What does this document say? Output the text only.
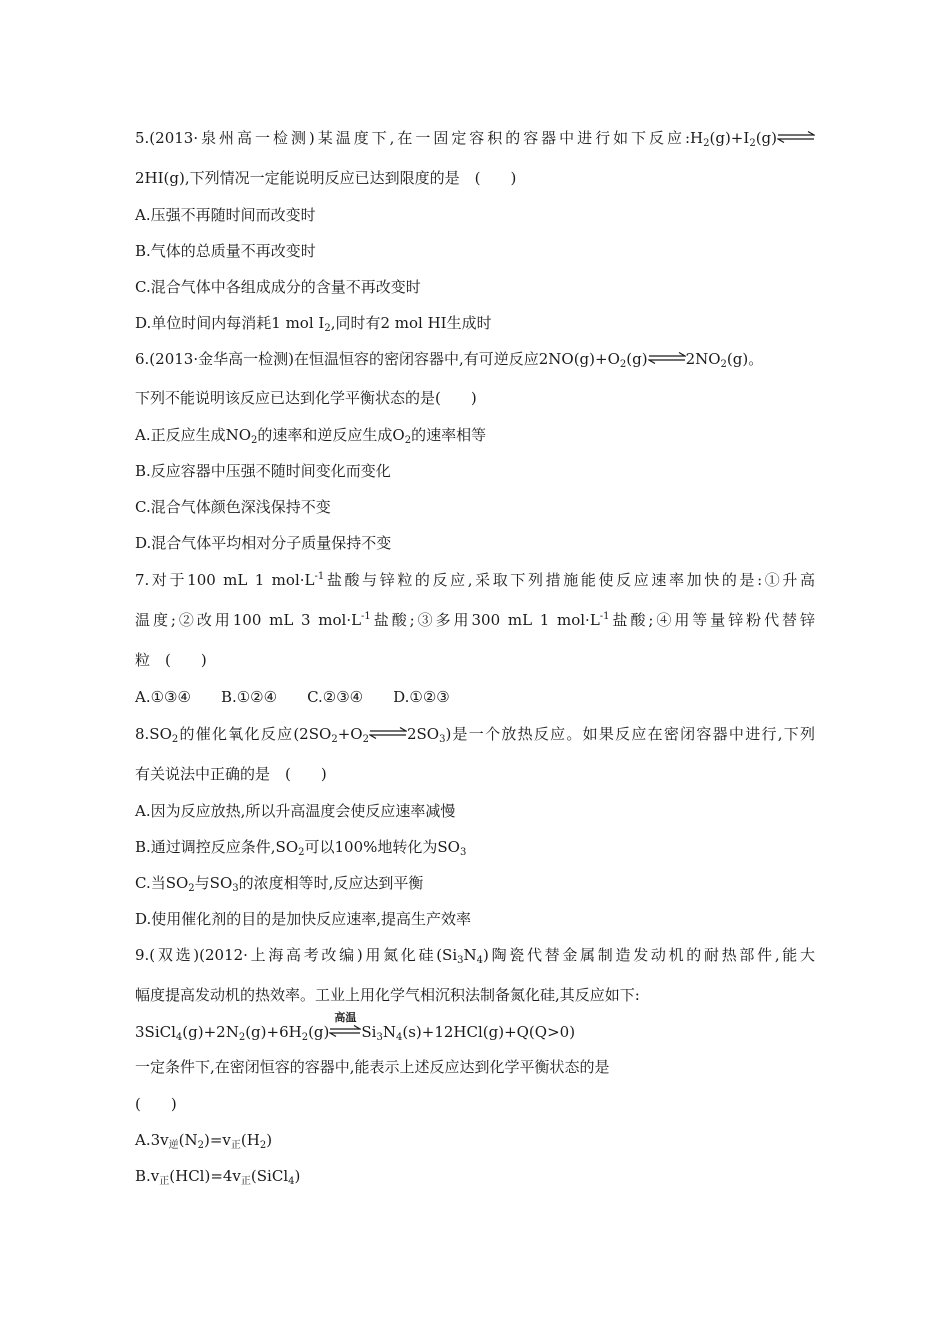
5.(2013·泉州高一检测)某温度下,在一固定容积的容器中进行如下反应$:H_2(g)+I_2(g)\rightleftharpoons$
2HI(g),下列情况一定能说明反应已达到限度的是　(　　)
A.压强不再随时间而改变时
B.气体的总质量不再改变时
C.混合气体中各组成成分的含量不再改变时
D.单位时间内每消耗1 mol $I_2$,同时有2 mol HI生成时
6.(2013·金华高一检测)在恒温恒容的密闭容器中,有可逆反应$2NO(g)+O_2(g)\rightleftharpoons 2NO_2(g)$。
下列不能说明该反应已达到化学平衡状态的是(　　)
A.正反应生成$NO_2$的速率和逆反应生成$O_2$的速率相等
B.反应容器中压强不随时间变化而变化
C.混合气体颜色深浅保持不变
D.混合气体平均相对分子质量保持不变
7.对于100 mL 1 $mol\cdot L^{-1}$盐酸与锌粒的反应,采取下列措施能使反应速率加快的是:①升高
温度;②改用100 mL 3 $mol\cdot L^{-1}$盐酸;③多用300 mL 1 $mol\cdot L^{-1}$盐酸;④用等量锌粉代替锌
粒　(　　)
A.①③④　　B.①②④　　C.②③④　　D.①②③
$8.SO_2$的催化氧化反应($2SO_2+O_2$ $\rightleftharpoons 2SO_3$)是一个放热反应。如果反应在密闭容器中进行,下列
有关说法中正确的是　(　　)
A.因为反应放热,所以升高温度会使反应速率减慢
B.通过调控反应条件$,SO_2$可以100%地转化为$SO_3$
C.当$SO_2$与$SO_3$的浓度相等时,反应达到平衡
D.使用催化剂的目的是加快反应速率,提高生产效率
9.(双选)(2012·上海高考改编)用氮化硅$(Si_3N_4)$陶瓷代替金属制造发动机的耐热部件,能大
幅度提高发动机的热效率。工业上用化学气相沉积法制备氮化硅,其反应如下:
$3SiCl_4(g)+2N_2(g)+6H_2(g)$
高温
$Si_3N_4(s)+12HCl(g)+Q(Q>0)$
一定条件下,在密闭恒容的容器中,能表示上述反应达到化学平衡状态的是
(　　)
$A.3v_逆(N_2)=v_正(H_2)$
$B.v_正(HCl)=4v_正(SiCl_4)$
